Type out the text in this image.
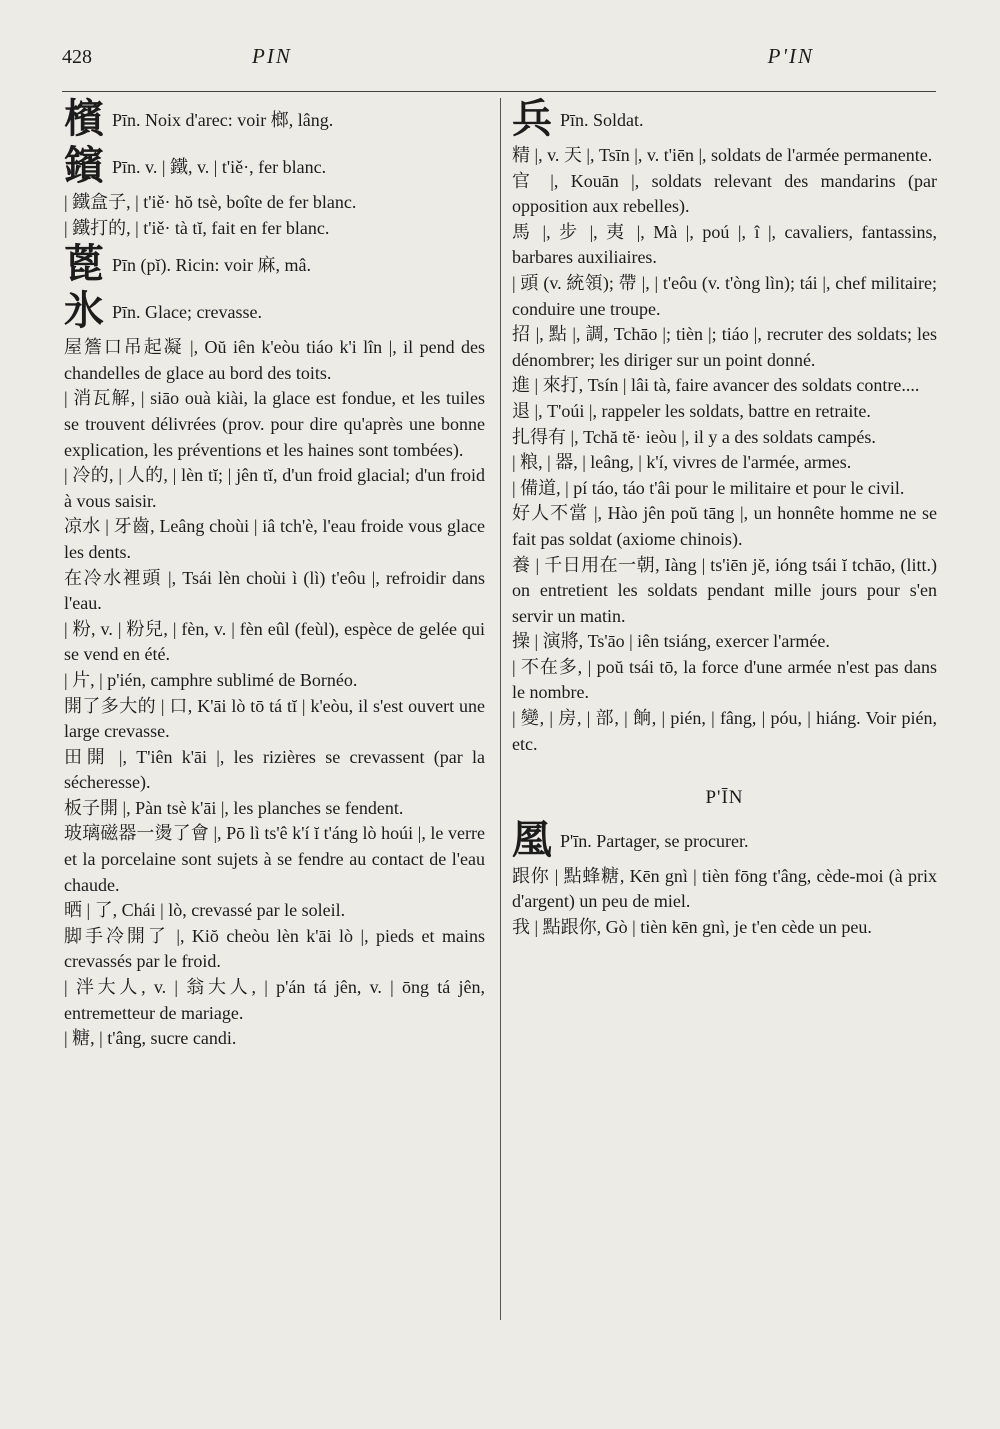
428	PIN	P'IN
檳 Pīn. Noix d'arec: voir 榔, lâng.
鑌 Pīn. v. | 鐵, v. | t'iě·, fer blanc.
| 鐵盒子, | t'iě· hŏ tsè, boîte de fer blanc.
| 鐵打的, | t'iě· tà tĭ, fait en fer blanc.
蓖 Pīn (pĭ). Ricin: voir 麻, mâ.
氷 Pīn. Glace; crevasse.
屋簷口吊起凝 |, Oŭ iên k'eòu tiáo k'i lîn |, il pend des chandelles de glace au bord des toits.
| 消瓦解, | siāo ouà kiài, la glace est fondue, et les tuiles se trouvent délivrées (prov. pour dire qu'après une bonne explication, les préventions et les haines sont tombées).
| 冷的, | 人的, | lèn tĭ; | jên tĭ, d'un froid glacial; d'un froid à vous saisir.
凉水 | 牙齒, Leâng choùi | iâ tch'è, l'eau froide vous glace les dents.
在冷水裡頭 |, Tsái lèn choùi ì (lì) t'eôu |, refroidir dans l'eau.
| 粉, v. | 粉兒, | fèn, v. | fèn eûl (feùl), espèce de gelée qui se vend en été.
| 片, | p'ién, camphre sublimé de Bornéo.
開了多大的 | 口, K'āi lò tō tá tĭ | k'eòu, il s'est ouvert une large crevasse.
田開 |, T'iên k'āi |, les rizières se crevassent (par la sécheresse).
板子開 |, Pàn tsè k'āi |, les planches se fendent.
玻璃磁器一燙了會 |, Pō lì ts'ê k'í ĭ t'áng lò hoúi |, le verre et la porcelaine sont sujets à se fendre au contact de l'eau chaude.
晒 | 了, Chái | lò, crevassé par le soleil.
脚手冷開了 |, Kiŏ cheòu lèn k'āi lò |, pieds et mains crevassés par le froid.
| 泮大人, v. | 翁大人, | p'án tá jên, v. | ōng tá jên, entremetteur de mariage.
| 糖, | t'âng, sucre candi.
兵 Pīn. Soldat.
精 |, v. 天 |, Tsīn |, v. t'iēn |, soldats de l'armée permanente.
官 |, Kouān |, soldats relevant des mandarins (par opposition aux rebelles).
馬 |, 步 |, 夷 |, Mà |, poú |, î |, cavaliers, fantassins, barbares auxiliaires.
| 頭 (v. 統領); 帶 |, | t'eôu (v. t'òng lìn); tái |, chef militaire; conduire une troupe.
招 |, 點 |, 調, Tchāo |; tièn |; tiáo |, recruter des soldats; les dénombrer; les diriger sur un point donné.
進 | 來打, Tsín | lâi tà, faire avancer des soldats contre....
退 |, T'oúi |, rappeler les soldats, battre en retraite.
扎得有 |, Tchă tĕ· ieòu |, il y a des soldats campés.
| 粮, | 器, | leâng, | k'í, vivres de l'armée, armes.
| 備道, | pí táo, táo t'âi pour le militaire et pour le civil.
好人不當 |, Hào jên poŭ tāng |, un honnête homme ne se fait pas soldat (axiome chinois).
養 | 千日用在一朝, Iàng | ts'iēn jĕ, ióng tsái ĭ tchāo, (litt.) on entretient les soldats pendant mille jours pour s'en servir un matin.
操 | 演將, Ts'āo | iên tsiáng, exercer l'armée.
| 不在多, | poŭ tsái tō, la force d'une armée n'est pas dans le nombre.
| 變, | 房, | 部, | 餉, | pién, | fâng, | póu, | hiáng. Voir pién, etc.
P'ĪN
㓘 P'īn. Partager, se procurer.
跟你 | 點蜂糖, Kēn gnì | tièn fōng t'âng, cède-moi (à prix d'argent) un peu de miel.
我 | 點跟你, Gò | tièn kēn gnì, je t'en cède un peu.
